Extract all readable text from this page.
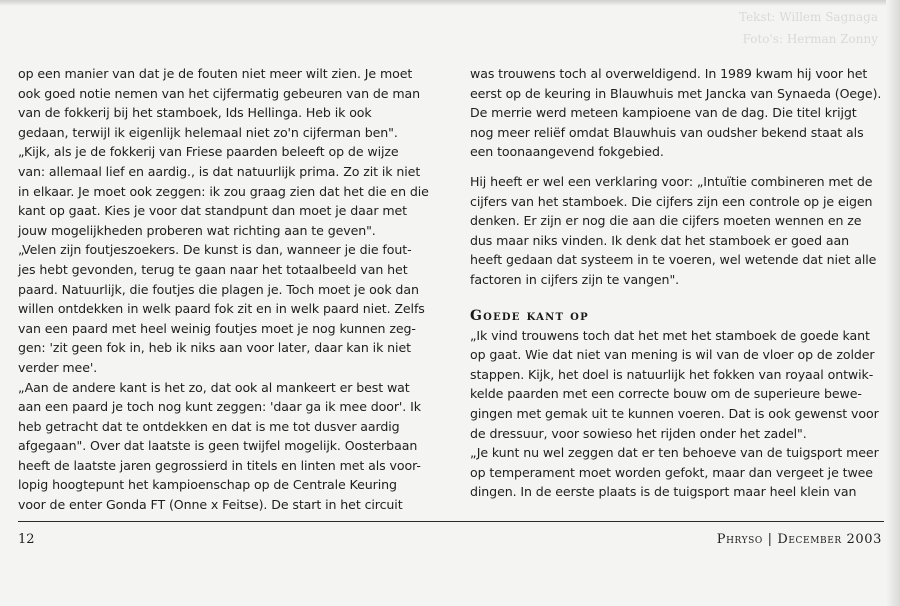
Tekst: Willem Sagnaga
Foto's: Herman Zonny

op een manier van dat je de fouten niet meer wilt zien. Je moet
ook goed notie nemen van het cijfermatig gebeuren van de man
van de fokkerij bij het stamboek, Ids Hellinga. Heb ik ook
gedaan, terwijl ik eigenlijk helemaal niet zo'n cijferman ben".

„Kijk, als je de fokkerij van Friese paarden beleeft op de wijze
van: allemaal lief en aardig., is dat natuurlijk prima. Zo zit ik niet
in elkaar. Je moet ook zeggen: ik zou graag zien dat het die en die
kant op gaat. Kies je voor dat standpunt dan moet je daar met
jouw mogelijkheden proberen wat richting aan te geven".

„Velen zijn foutjeszoekers. De kunst is dan, wanneer je die fout-
jes hebt gevonden, terug te gaan naar het totaalbeeld van het
paard. Natuurlijk, die foutjes die plagen je. Toch moet je ook dan
willen ontdekken in welk paard fok zit en in welk paard niet. Zelfs
van een paard met heel weinig foutjes moet je nog kunnen zeg-
gen: 'zit geen fok in, heb ik niks aan voor later, daar kan ik niet
verder mee'.

„Aan de andere kant is het zo, dat ook al mankeert er best wat
aan een paard je toch nog kunt zeggen: 'daar ga ik mee door'. Ik
heb getracht dat te ontdekken en dat is me tot dusver aardig
afgegaan". Over dat laatste is geen twijfel mogelijk. Oosterbaan
heeft de laatste jaren gegrossierd in titels en linten met als voor-
lopig hoogtepunt het kampioenschap op de Centrale Keuring
voor de enter Gonda FT (Onne x Feitse). De start in het circuit

was trouwens toch al overweldigend. In 1989 kwam hij voor het
eerst op de keuring in Blauwhuis met Jancka van Synaeda (Oege).
De merrie werd meteen kampioene van de dag. Die titel krijgt
nog meer reliëf omdat Blauwhuis van oudsher bekend staat als
een toonaangevend fokgebied.

Hij heeft er wel een verklaring voor: „Intuïtie combineren met de
cijfers van het stamboek. Die cijfers zijn een controle op je eigen
denken. Er zijn er nog die aan die cijfers moeten wennen en ze
dus maar niks vinden. Ik denk dat het stamboek er goed aan
heeft gedaan dat systeem in te voeren, wel wetende dat niet alle
factoren in cijfers zijn te vangen".

Goede kant op

„Ik vind trouwens toch dat het met het stamboek de goede kant
op gaat. Wie dat niet van mening is wil van de vloer op de zolder
stappen. Kijk, het doel is natuurlijk het fokken van royaal ontwik-
kelde paarden met een correcte bouw om de superieure bewe-
gingen met gemak uit te kunnen voeren. Dat is ook gewenst voor
de dressuur, voor sowieso het rijden onder het zadel".

„Je kunt nu wel zeggen dat er ten behoeve van de tuigsport meer
op temperament moet worden gefokt, maar dan vergeet je twee
dingen. In de eerste plaats is de tuigsport maar heel klein van

12	Phryso | December 2003
